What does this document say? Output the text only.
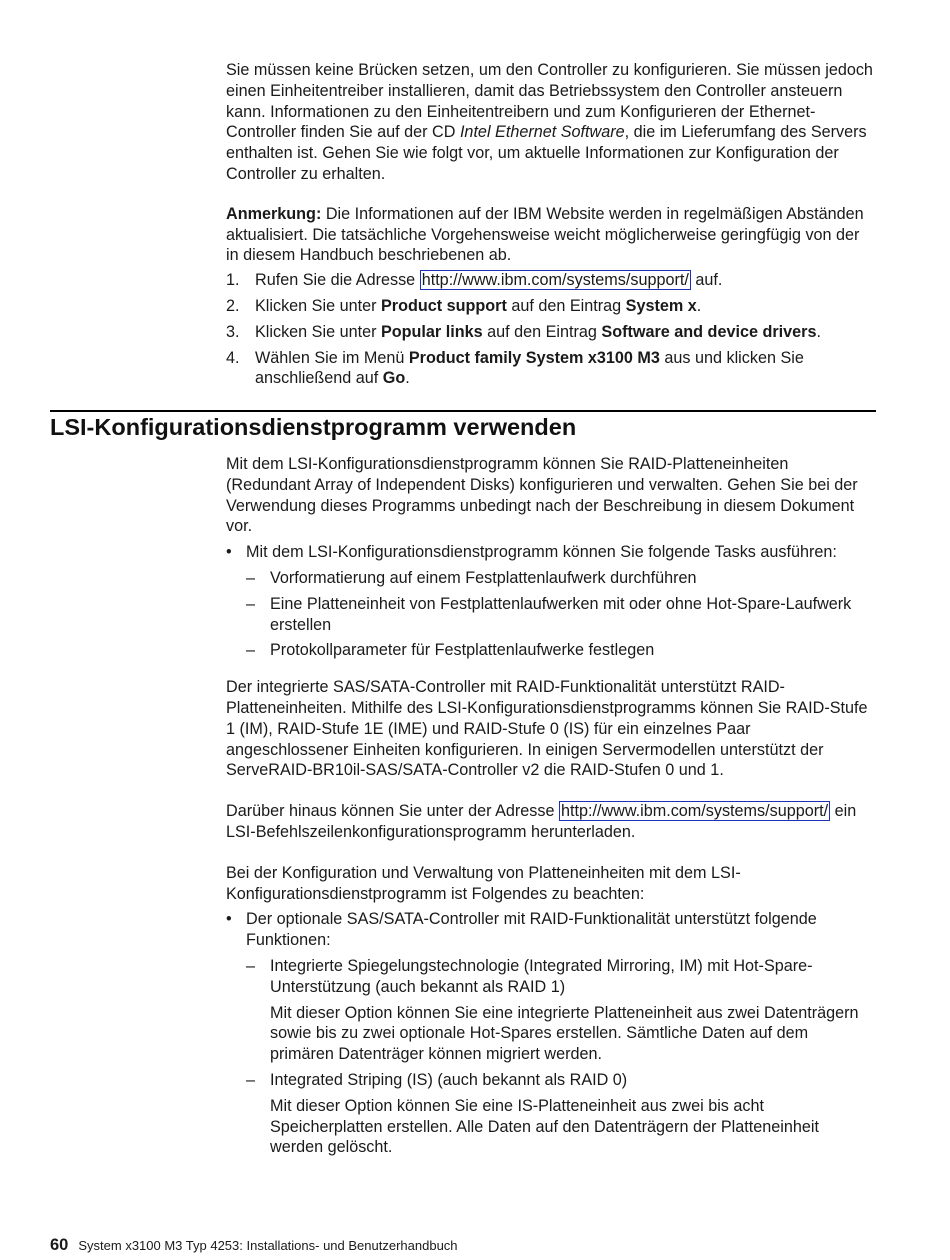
Sie müssen keine Brücken setzen, um den Controller zu konfigurieren. Sie müssen jedoch einen Einheitentreiber installieren, damit das Betriebssystem den Controller ansteuern kann. Informationen zu den Einheitentreibern und zum Konfigurieren der Ethernet-Controller finden Sie auf der CD Intel Ethernet Software, die im Lieferumfang des Servers enthalten ist. Gehen Sie wie folgt vor, um aktuelle Informationen zur Konfiguration der Controller zu erhalten.

Anmerkung: Die Informationen auf der IBM Website werden in regelmäßigen Abständen aktualisiert. Die tatsächliche Vorgehensweise weicht möglicherweise geringfügig von der in diesem Handbuch beschriebenen ab.

1. Rufen Sie die Adresse http://www.ibm.com/systems/support/ auf.
2. Klicken Sie unter Product support auf den Eintrag System x.
3. Klicken Sie unter Popular links auf den Eintrag Software and device drivers.
4. Wählen Sie im Menü Product family System x3100 M3 aus und klicken Sie anschließend auf Go.
LSI-Konfigurationsdienstprogramm verwenden

Mit dem LSI-Konfigurationsdienstprogramm können Sie RAID-Platteneinheiten (Redundant Array of Independent Disks) konfigurieren und verwalten. Gehen Sie bei der Verwendung dieses Programms unbedingt nach der Beschreibung in diesem Dokument vor.

• Mit dem LSI-Konfigurationsdienstprogramm können Sie folgende Tasks ausführen:
– Vorformatierung auf einem Festplattenlaufwerk durchführen
– Eine Platteneinheit von Festplattenlaufwerken mit oder ohne Hot-Spare-Laufwerk erstellen
– Protokollparameter für Festplattenlaufwerke festlegen

Der integrierte SAS/SATA-Controller mit RAID-Funktionalität unterstützt RAID-Platteneinheiten. Mithilfe des LSI-Konfigurationsdienstprogramms können Sie RAID-Stufe 1 (IM), RAID-Stufe 1E (IME) und RAID-Stufe 0 (IS) für ein einzelnes Paar angeschlossener Einheiten konfigurieren. In einigen Servermodellen unterstützt der ServeRAID-BR10il-SAS/SATA-Controller v2 die RAID-Stufen 0 und 1.

Darüber hinaus können Sie unter der Adresse http://www.ibm.com/systems/support/ ein LSI-Befehlszeilenkonfigurationsprogramm herunterladen.

Bei der Konfiguration und Verwaltung von Platteneinheiten mit dem LSI-Konfigurationsdienstprogramm ist Folgendes zu beachten:

• Der optionale SAS/SATA-Controller mit RAID-Funktionalität unterstützt folgende Funktionen:
– Integrierte Spiegelungstechnologie (Integrated Mirroring, IM) mit Hot-Spare-Unterstützung (auch bekannt als RAID 1)

Mit dieser Option können Sie eine integrierte Platteneinheit aus zwei Datenträgern sowie bis zu zwei optionale Hot-Spares erstellen. Sämtliche Daten auf dem primären Datenträger können migriert werden.

– Integrated Striping (IS) (auch bekannt als RAID 0)

Mit dieser Option können Sie eine IS-Platteneinheit aus zwei bis acht Speicherplatten erstellen. Alle Daten auf den Datenträgern der Platteneinheit werden gelöscht.

60 System x3100 M3 Typ 4253: Installations- und Benutzerhandbuch
